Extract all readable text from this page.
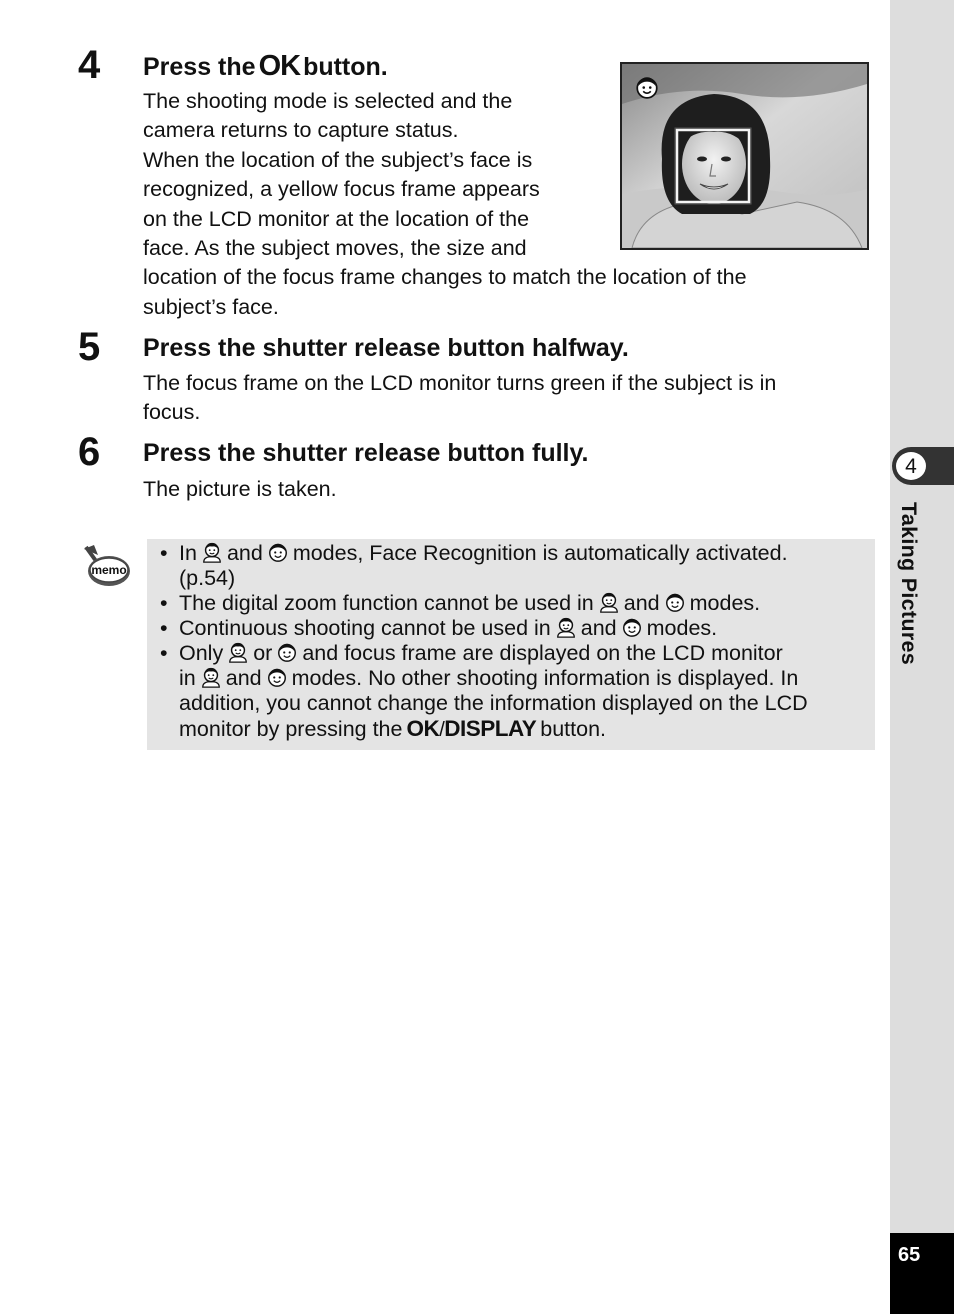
4 Press the OK button.

The shooting mode is selected and the

camera returns to capture status.

When the location of the subject’s face is

recognized, a yellow focus frame appears

on the LCD monitor at the location of the

face. As the subject moves, the size and

location of the focus frame changes to match the location of the

subject’s face.

5 Press the shutter release button halfway.

The focus frame on the LCD monitor turns green if the subject is in

focus.

6 Press the shutter release button fully.

The picture is taken.

memo
• In and modes, Face Recognition is automatically activated.
(p.54)
• The digital zoom function cannot be used in and modes.
• Continuous shooting cannot be used in and modes.
• Only or and focus frame are displayed on the LCD monitor
in and modes. No other shooting information is displayed. In
addition, you cannot change the information displayed on the LCD
monitor by pressing the OK/DISPLAY button.
4
Taking Pictures
65
